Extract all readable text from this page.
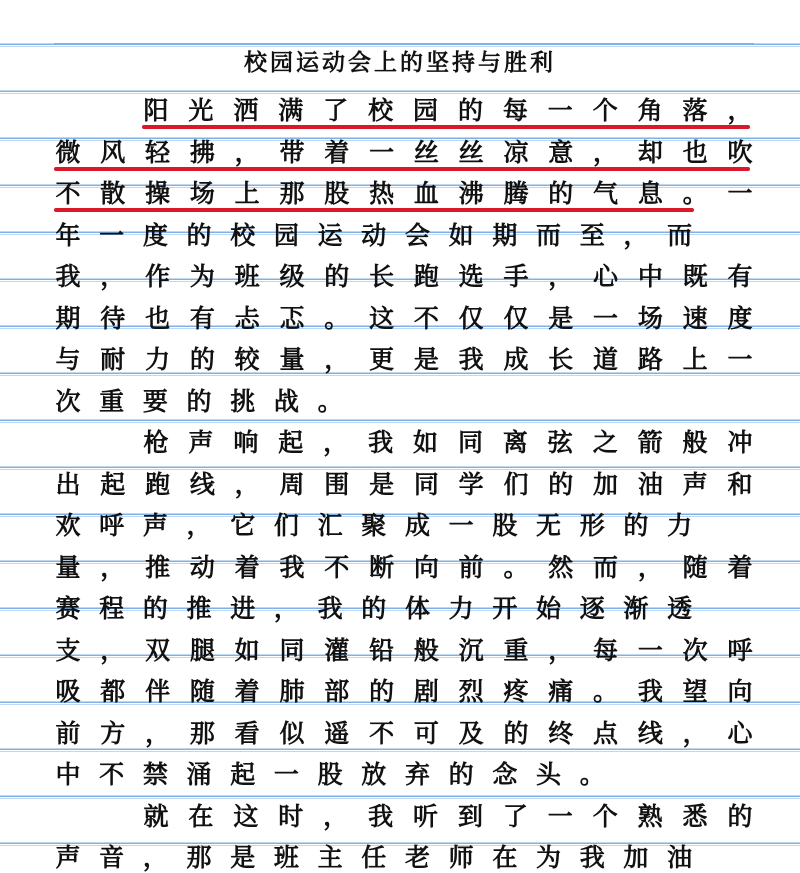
校园运动会上的坚持与胜利
阳 光 洒 满 了 校 园 的 每 一 个 角 落 ，
微 风 轻 拂 ， 带 着 一 丝 丝 凉 意 ， 却 也 吹
不 散 操 场 上 那 股 热 血 沸 腾 的 气 息 。 一
年 一 度 的 校 园 运 动 会 如 期 而 至 ， 而
我 ， 作 为 班 级 的 长 跑 选 手 ， 心 中 既 有
期 待 也 有 忐 忑 。 这 不 仅 仅 是 一 场 速 度
与 耐 力 的 较 量 ， 更 是 我 成 长 道 路 上 一
次 重 要 的 挑 战 。
枪 声 响 起 ， 我 如 同 离 弦 之 箭 般 冲
出 起 跑 线 ， 周 围 是 同 学 们 的 加 油 声 和
欢 呼 声 ， 它 们 汇 聚 成 一 股 无 形 的 力
量 ， 推 动 着 我 不 断 向 前 。 然 而 ， 随 着
赛 程 的 推 进 ， 我 的 体 力 开 始 逐 渐 透
支 ， 双 腿 如 同 灌 铅 般 沉 重 ， 每 一 次 呼
吸 都 伴 随 着 肺 部 的 剧 烈 疼 痛 。 我 望 向
前 方 ， 那 看 似 遥 不 可 及 的 终 点 线 ， 心
中 不 禁 涌 起 一 股 放 弃 的 念 头 。
就 在 这 时 ， 我 听 到 了 一 个 熟 悉 的
声 音 ， 那 是 班 主 任 老 师 在 为 我 加 油
